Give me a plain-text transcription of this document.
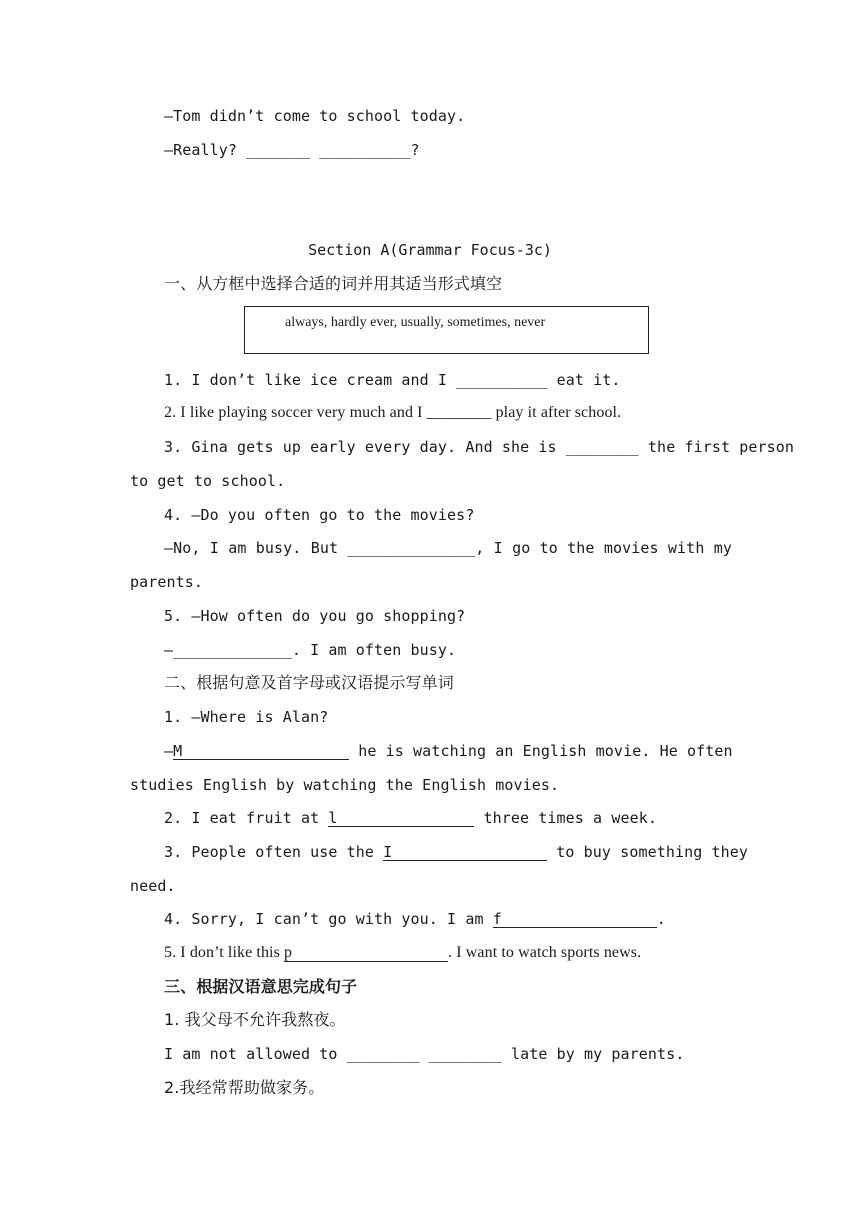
—Tom didn’t come to school today.
—Really? _______ __________?
Section A(Grammar Focus-3c)
一、从方框中选择合适的词并用其适当形式填空
always, hardly ever, usually, sometimes, never
1. I don’t like ice cream and I __________ eat it.
2. I like playing soccer very much and I ________ play it after school.
3. Gina gets up early every day. And she is ________ the first person
to get to school.
4. —Do you often go to the movies?
—No, I am busy. But ______________, I go to the movies with my
parents.
5. —How often do you go shopping?
—_____________. I am often busy.
二、根据句意及首字母或汉语提示写单词
1. —Where is Alan?
—M	he is watching an English movie. He often
studies English by watching the English movies.
2. I eat fruit at l	three times a week.
3. People often use the I	to buy something they
need.
4. Sorry, I can’t go with you. I am f	.
5. I don’t like this p	. I want to watch sports news.
三、根据汉语意思完成句子
1. 我父母不允许我熬夜。
I am not allowed to ________ ________ late by my parents.
2.我经常帮助做家务。
